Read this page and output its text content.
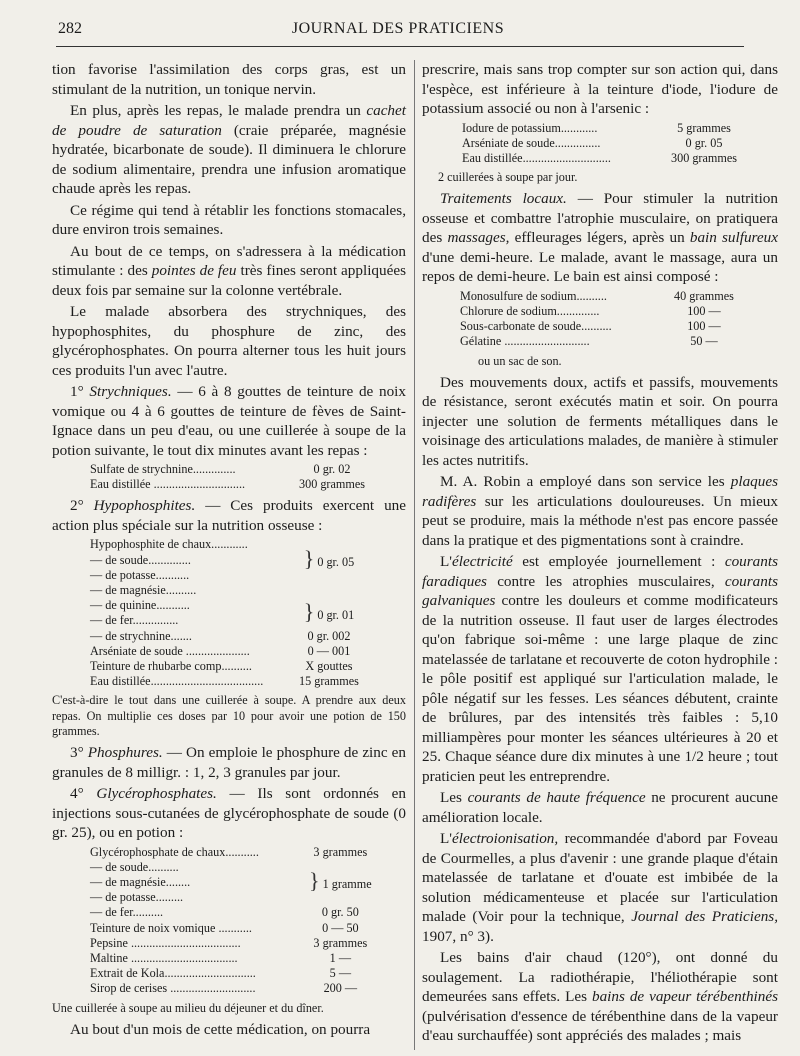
282	JOURNAL DES PRATICIENS

tion favorise l'assimilation des corps gras, est un stimulant de la nutrition, un tonique nervin.

En plus, après les repas, le malade prendra un cachet de poudre de saturation (craie préparée, magnésie hydratée, bicarbonate de soude). Il diminuera le chlorure de sodium alimentaire, prendra une infusion aromatique chaude après les repas.

Ce régime qui tend à rétablir les fonctions stomacales, dure environ trois semaines.

Au bout de ce temps, on s'adressera à la médication stimulante : des pointes de feu très fines seront appliquées deux fois par semaine sur la colonne vertébrale.

Le malade absorbera des strychniques, des hypophosphites, du phosphure de zinc, des glycérophosphates. On pourra alterner tous les huit jours ces produits l'un avec l'autre.

1° Strychniques. — 6 à 8 gouttes de teinture de noix vomique ou 4 à 6 gouttes de teinture de fèves de Saint-Ignace dans un peu d'eau, ou une cuillerée à soupe de la potion suivante, le tout dix minutes avant les repas :

Sulfate de strychnine..............	0 gr. 02
Eau distillée ..............................	300 grammes

2° Hypophosphites. — Ces produits exercent une action plus spéciale sur la nutrition osseuse :

Hypophosphite de chaux............	} 0 gr. 05
— de soude..............	
— de potasse...........	
— de magnésie..........	
— de quinine...........	} 0 gr. 01
— de fer...............	
— de strychnine.......	0 gr. 002
Arséniate de soude .....................	0 — 001
Teinture de rhubarbe comp..........	X gouttes
Eau distillée.....................................	15 grammes

C'est-à-dire le tout dans une cuillerée à soupe. A prendre aux deux repas. On multiplie ces doses par 10 pour avoir une potion de 150 grammes.

3° Phosphures. — On emploie le phosphure de zinc en granules de 8 milligr. : 1, 2, 3 granules par jour.

4° Glycérophosphates. — Ils sont ordonnés en injections sous-cutanées de glycérophosphate de soude (0 gr. 25), ou en potion :

Glycérophosphate de chaux...........	3 grammes
— de soude..........	} 1 gramme
— de magnésie........	
— de potasse.........	
— de fer..........	0 gr. 50
Teinture de noix vomique ...........	0 — 50
Pepsine ....................................	3 grammes
Maltine ...................................	1 —
Extrait de Kola..............................	5 —
Sirop de cerises ............................	200 —

Une cuillerée à soupe au milieu du déjeuner et du dîner.

Au bout d'un mois de cette médication, on pourra

prescrire, mais sans trop compter sur son action qui, dans l'espèce, est inférieure à la teinture d'iode, l'iodure de potassium associé ou non à l'arsenic :

Iodure de potassium............	5 grammes
Arséniate de soude...............	0 gr. 05
Eau distillée.............................	300 grammes

2 cuillerées à soupe par jour.

Traitements locaux. — Pour stimuler la nutrition osseuse et combattre l'atrophie musculaire, on pratiquera des massages, effleurages légers, après un bain sulfureux d'une demi-heure. Le malade, avant le massage, aura un repos de demi-heure. Le bain est ainsi composé :

Monosulfure de sodium..........	40 grammes
Chlorure de sodium..............	100 —
Sous-carbonate de soude..........	100 —
Gélatine ............................	50 —

ou un sac de son.

Des mouvements doux, actifs et passifs, mouvements de résistance, seront exécutés matin et soir. On pourra injecter une solution de ferments métalliques dans le voisinage des articulations malades, de manière à stimuler les actes nutritifs.

M. A. Robin a employé dans son service les plaques radifères sur les articulations douloureuses. Un mieux peut se produire, mais la méthode n'est pas encore passée dans la pratique et des pigmentations sont à craindre.

L'électricité est employée journellement : courants faradiques contre les atrophies musculaires, courants galvaniques contre les douleurs et comme modificateurs de la nutrition osseuse. Il faut user de larges électrodes qu'on fabrique soi-même : une large plaque de zinc matelassée de tarlatane et recouverte de coton hydrophile : le pôle positif est appliqué sur l'articulation malade, le pôle négatif sur les fesses. Les séances débutent, crainte de brûlures, par des intensités très faibles : 5,10 milliampères pour monter les séances ultérieures à 20 et 25. Chaque séance dure dix minutes à une 1/2 heure ; tout praticien peut les entreprendre.

Les courants de haute fréquence ne procurent aucune amélioration locale.

L'électroionisation, recommandée d'abord par Foveau de Courmelles, a plus d'avenir : une grande plaque d'étain matelassée de tarlatane et d'ouate est imbibée de la solution médicamenteuse et placée sur l'articulation malade (Voir pour la technique, Journal des Praticiens, 1907, n° 3).

Les bains d'air chaud (120°), ont donné du soulagement. La radiothérapie, l'héliothérapie sont demeurées sans effets. Les bains de vapeur térébenthinés (pulvérisation d'essence de térébenthine dans de la vapeur d'eau surchauffée) sont appréciés des malades ; mais
